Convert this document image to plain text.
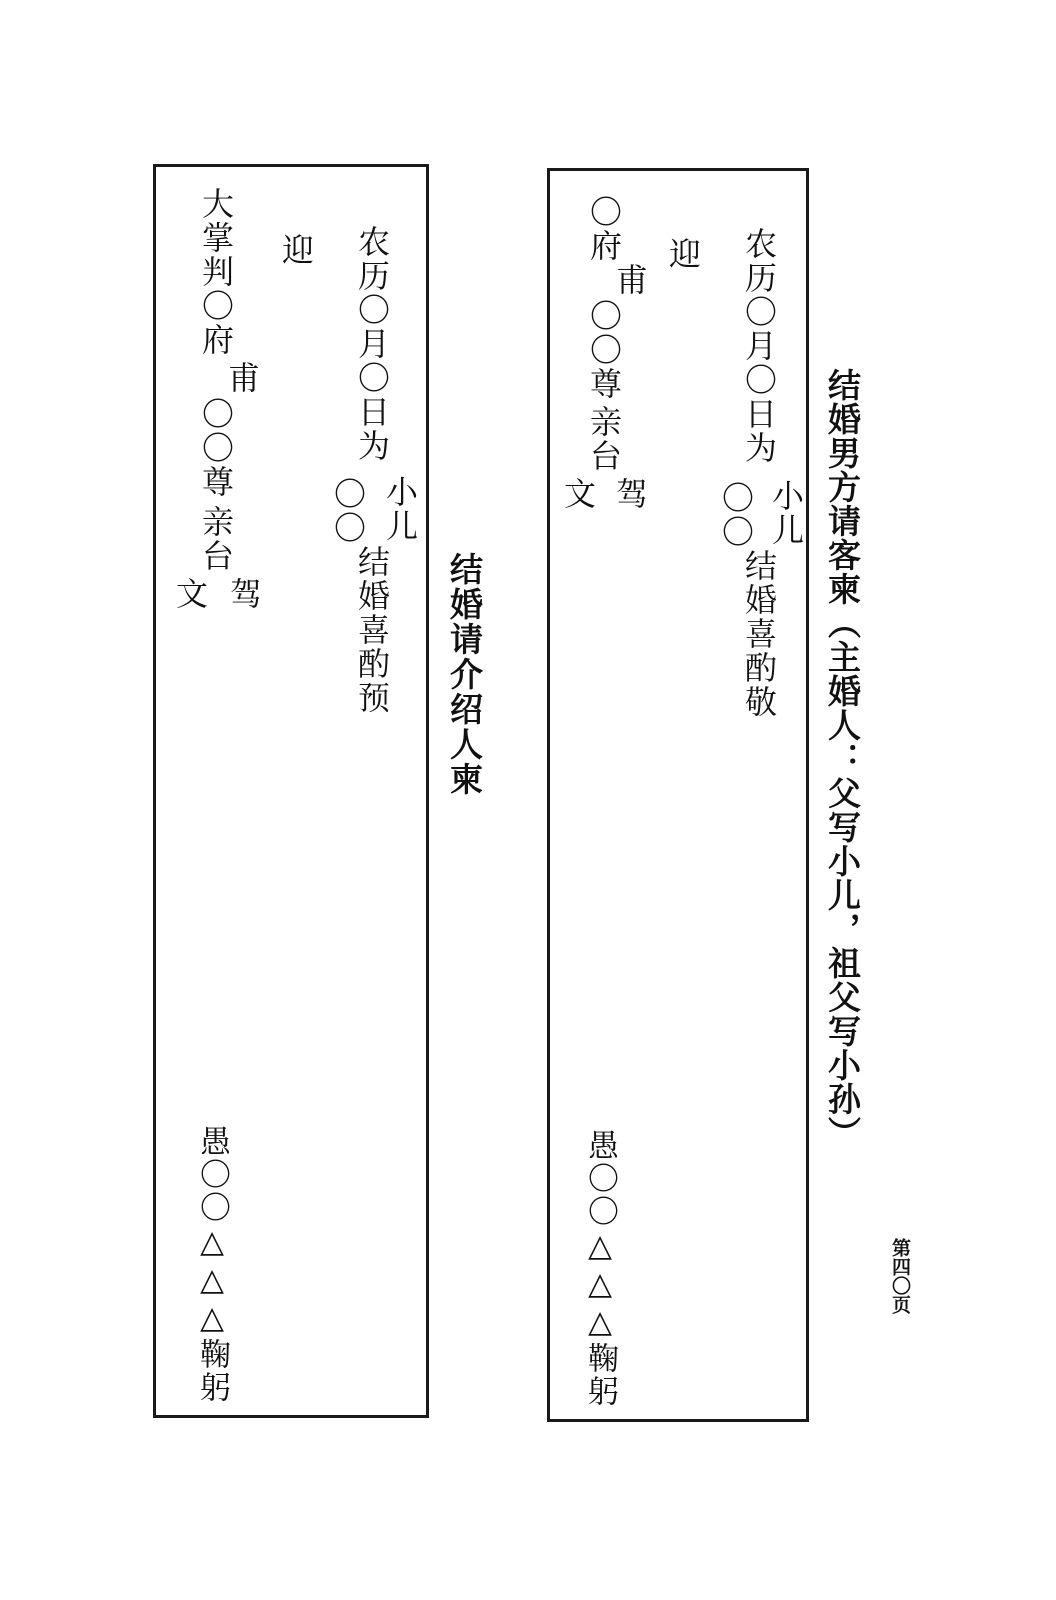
第四〇页
结婚男方请客柬（主婚人：父写小儿，祖父写小孙）
结婚请介绍人柬
农历〇月〇日为
小
儿
〇
〇
结婚喜酌敬
迎
〇府
甫
〇〇尊
亲台
文 驾
愚〇〇△△△鞠躬
农历〇月〇日为
小
儿
〇
〇
结婚喜酌预
迎
大掌判〇府
甫
〇〇尊
亲台
文 驾
愚〇〇△△△鞠躬
